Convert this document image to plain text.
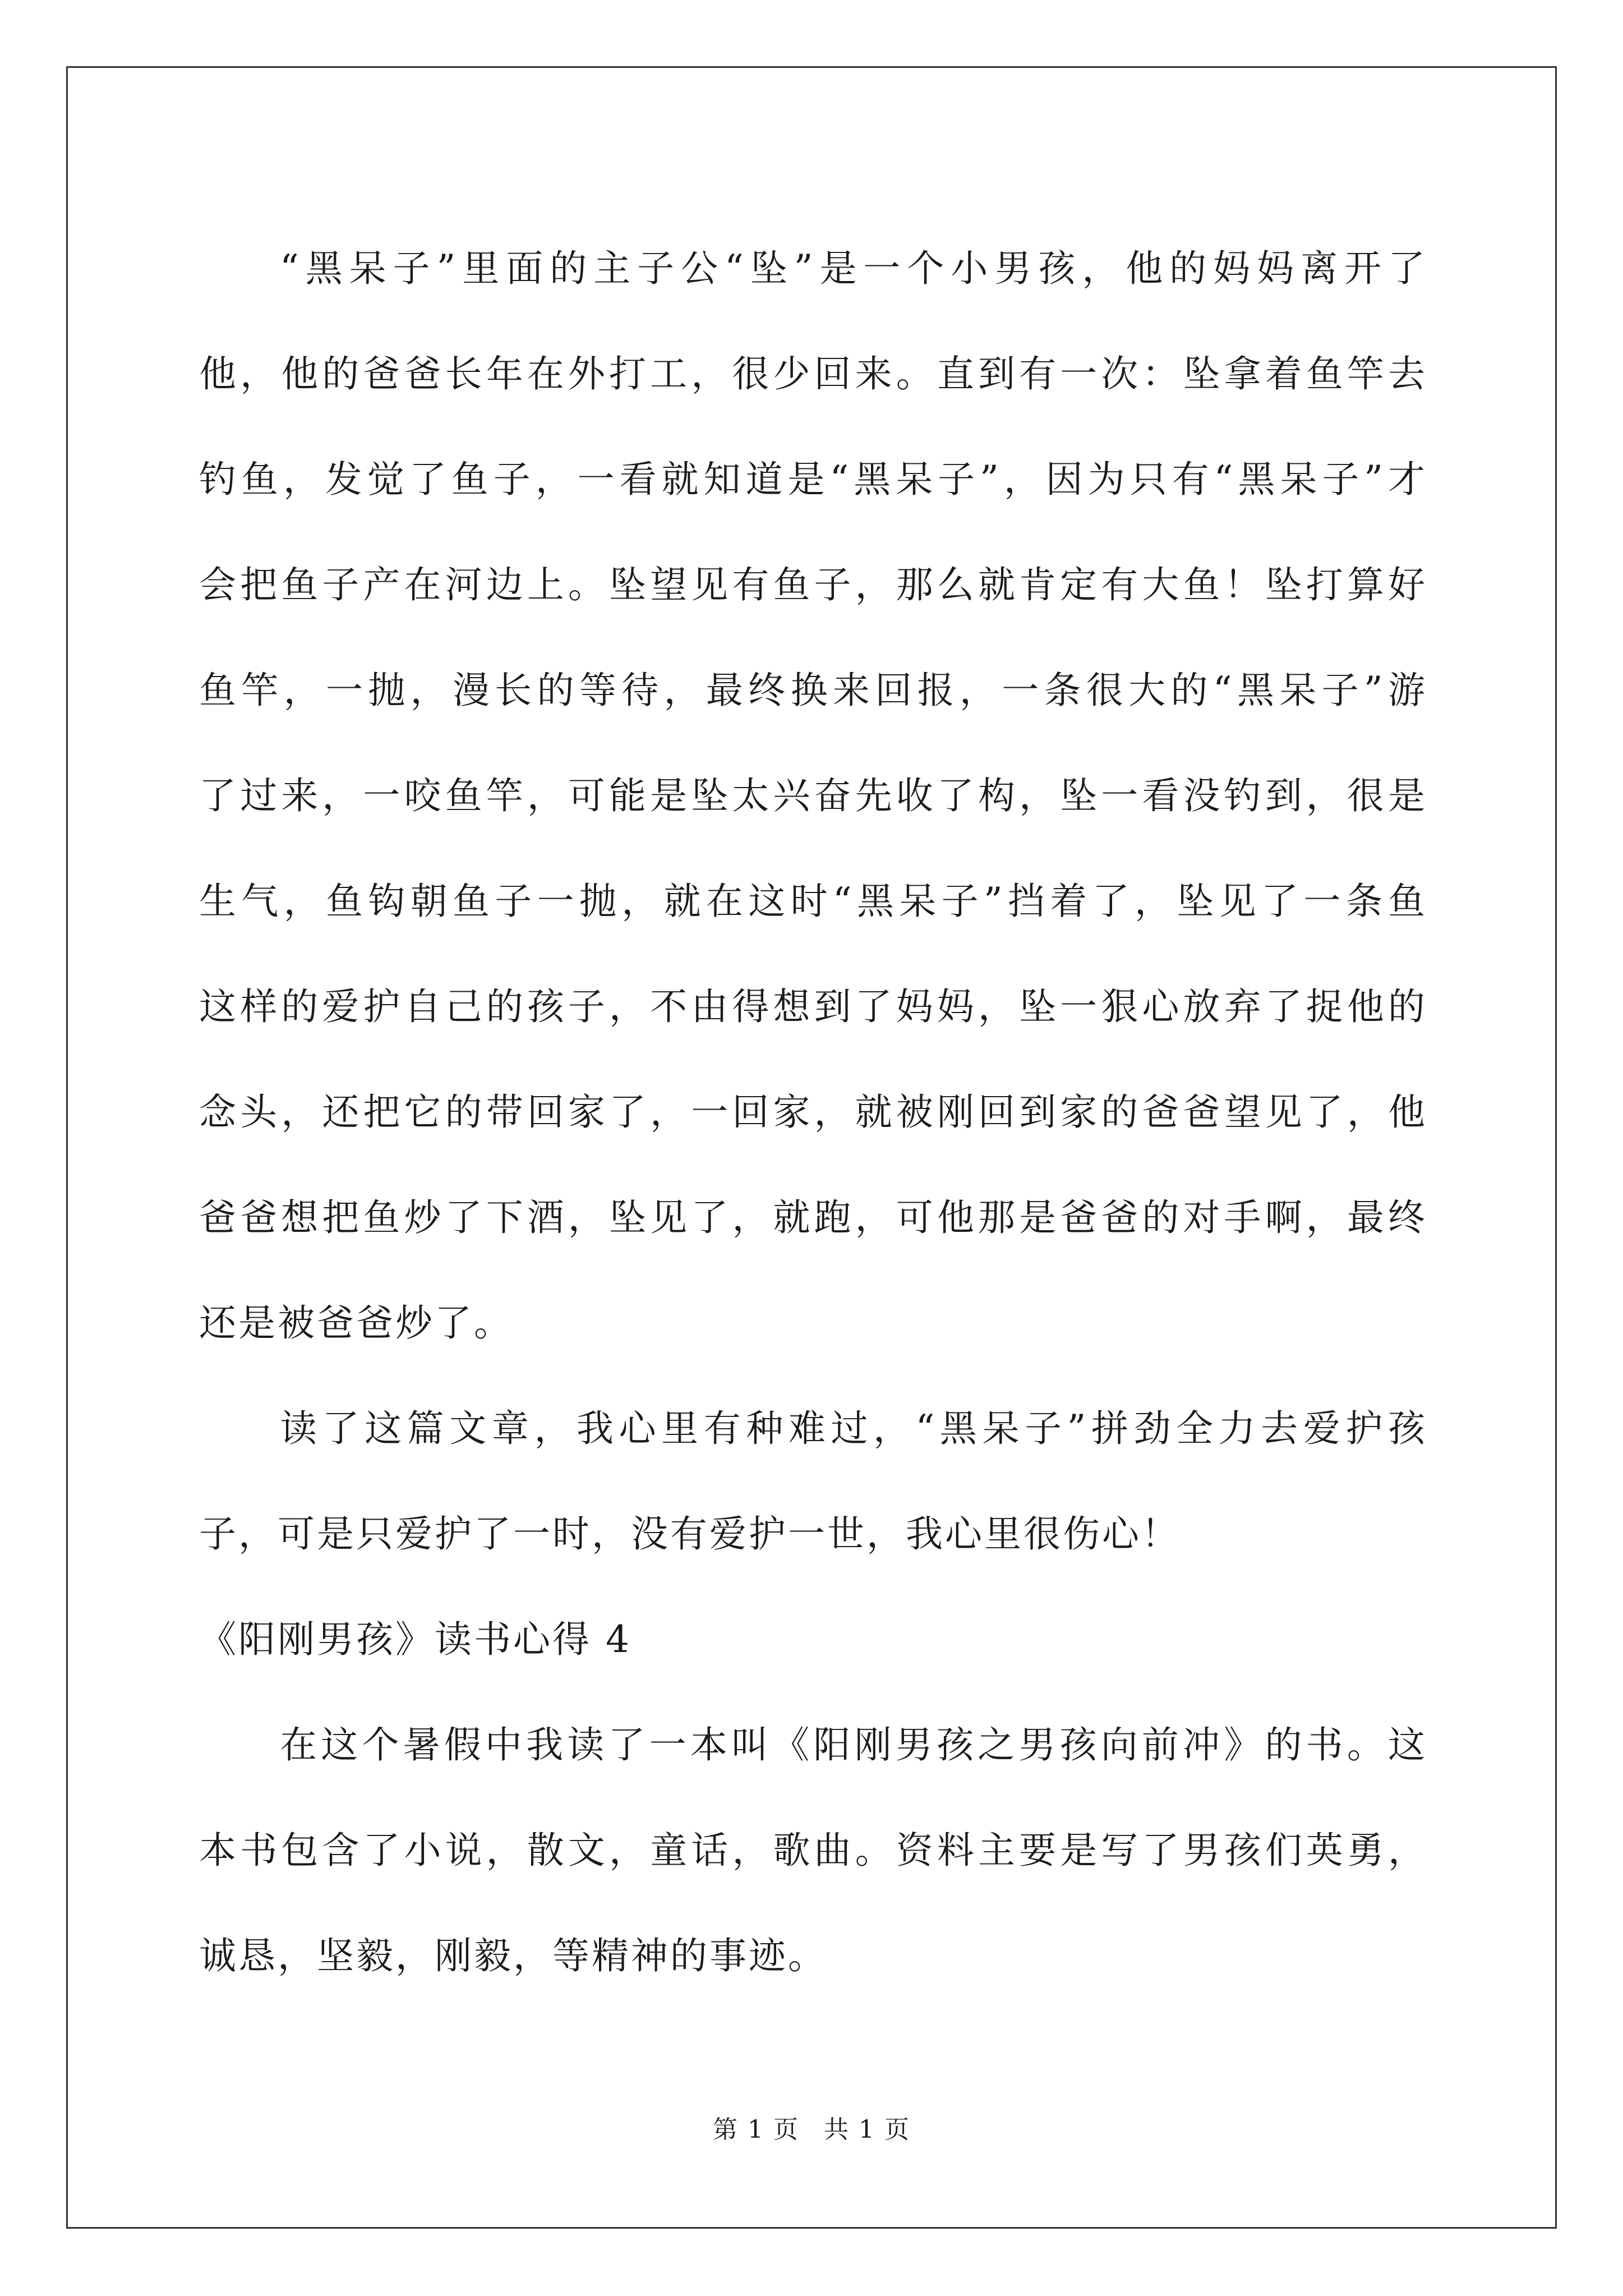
“黑呆子”里面的主子公“坠”是一个小男孩，他的妈妈离开了
他，他的爸爸长年在外打工，很少回来。直到有一次：坠拿着鱼竿去
钓鱼，发觉了鱼子，一看就知道是“黑呆子”，因为只有“黑呆子”才
会把鱼子产在河边上。坠望见有鱼子，那么就肯定有大鱼！坠打算好
鱼竿，一抛，漫长的等待，最终换来回报，一条很大的“黑呆子”游
了过来，一咬鱼竿，可能是坠太兴奋先收了构，坠一看没钓到，很是
生气，鱼钩朝鱼子一抛，就在这时“黑呆子”挡着了，坠见了一条鱼
这样的爱护自己的孩子，不由得想到了妈妈，坠一狠心放弃了捉他的
念头，还把它的带回家了，一回家，就被刚回到家的爸爸望见了，他
爸爸想把鱼炒了下酒，坠见了，就跑，可他那是爸爸的对手啊，最终
还是被爸爸炒了。
读了这篇文章，我心里有种难过，“黑呆子”拼劲全力去爱护孩
子，可是只爱护了一时，没有爱护一世，我心里很伤心！
《阳刚男孩》读书心得 4
在这个暑假中我读了一本叫《阳刚男孩之男孩向前冲》的书。这
本书包含了小说，散文，童话，歌曲。资料主要是写了男孩们英勇，
诚恳，坚毅，刚毅，等精神的事迹。
第 1 页 共 1 页
